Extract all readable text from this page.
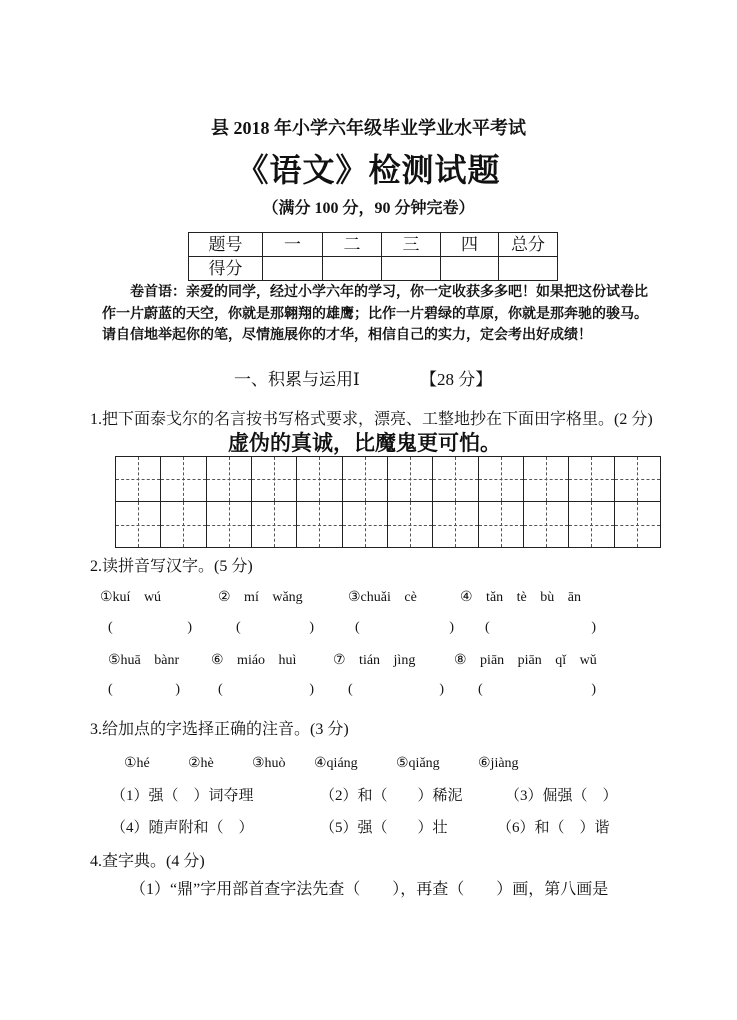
县 2018 年小学六年级毕业学业水平考试
《语文》检测试题
（满分 100 分，90 分钟完卷）
题号	一	二	三	四	总分
得分					
卷首语：亲爱的同学，经过小学六年的学习，你一定收获多多吧！如果把这份试卷比
作一片蔚蓝的天空，你就是那翱翔的雄鹰；比作一片碧绿的草原，你就是那奔驰的骏马。
请自信地举起你的笔，尽情施展你的才华，相信自己的实力，定会考出好成绩！
一、积累与运用Ⅰ	【28 分】
1.把下面泰戈尔的名言按书写格式要求，漂亮、工整地抄在下面田字格里。(2 分)
虚伪的真诚，比魔鬼更可怕。
2.读拼音写汉字。(5 分)
①kuí wú	② mí wǎng	③chuǎi cè	④ tǎn tè bù ān
(	)	(	)	(	) (	)
⑤huā bànr ⑥ miáo huì	⑦ tián jìng	⑧ piān piān qǐ wǔ
(	)	(	) (	) (	)
3.给加点的字选择正确的注音。(3 分)
①hé	②hè	③huò ④qiáng	⑤qiǎng	⑥jiàng
（1）强（　）词夺理	（2）和（　　）稀泥	（3）倔强（　）
（4）随声附和（　）	（5）强（　　）壮	（6）和（　）谐
4.查字典。(4 分)
（1）“鼎”字用部首查字法先查（　　），再查（　　）画，第八画是
